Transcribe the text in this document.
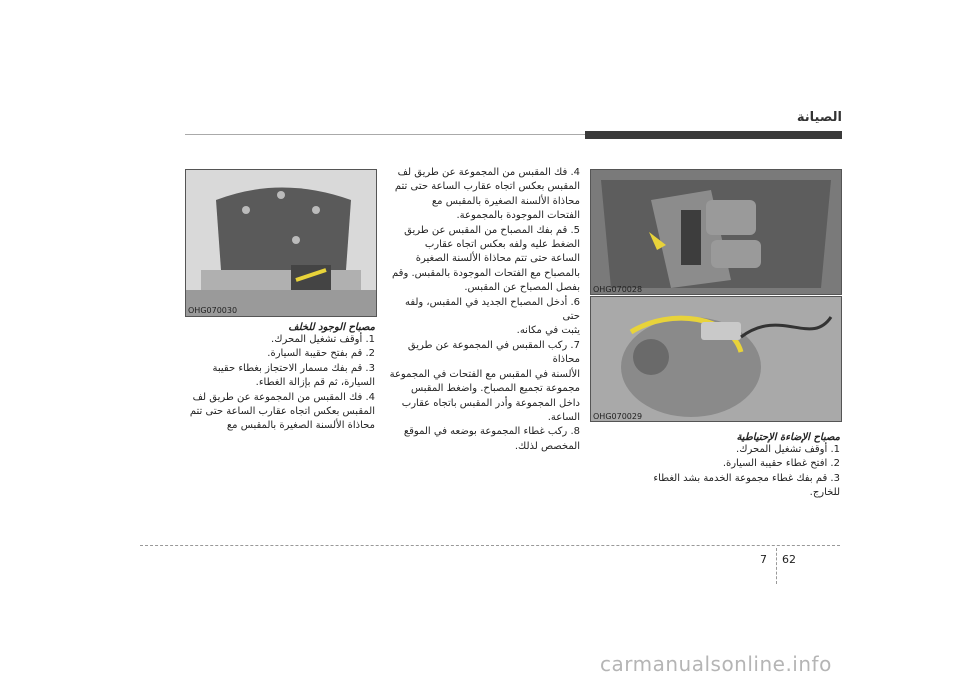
الصيانة
OHG070028
OHG070029
OHG070030
مصباح الإضاءة الإحتياطية

1. أوقف تشغيل المحرك.

2. افتح غطاء حقيبة السيارة.

3. قم بفك غطاء مجموعة الخدمة بشد الغطاء

للخارج.

4. فك المقبس من المجموعة عن طريق لف

المقبس بعكس اتجاه عقارب الساعة حتى تتم

محاذاة الألسنة الصغيرة بالمقبس مع

الفتحات الموجودة بالمجموعة.

5. قم بفك المصباح من المقبس عن طريق

الضغط عليه ولفه بعكس اتجاه عقارب

الساعة حتى تتم محاذاة الألسنة الصغيرة

بالمصباح مع الفتحات الموجودة بالمقبس. وقم

بفصل المصباح عن المقبس.

6. أدخل المصباح الجديد في المقبس، ولفه حتى

يثبت في مكانه.

7. ركب المقبس في المجموعة عن طريق محاذاة

الألسنة في المقبس مع الفتحات في المجموعة

مجموعة تجميع المصباح. واضغط المقبس

داخل المجموعة وأدر المقبس باتجاه عقارب

الساعة.

8. ركب غطاء المجموعة بوضعه في الموقع

المخصص لذلك.

مصباح الوجود للخلف

1. أوقف تشغيل المحرك.

2. قم بفتح حقيبة السيارة.

3. قم بفك مسمار الاحتجاز بغطاء حقيبة

السيارة، ثم قم بإزالة الغطاء.

4. فك المقبس من المجموعة عن طريق لف

المقبس بعكس اتجاه عقارب الساعة حتى تتم

محاذاة الألسنة الصغيرة بالمقبس مع

7 62
carmanualsonline.info
